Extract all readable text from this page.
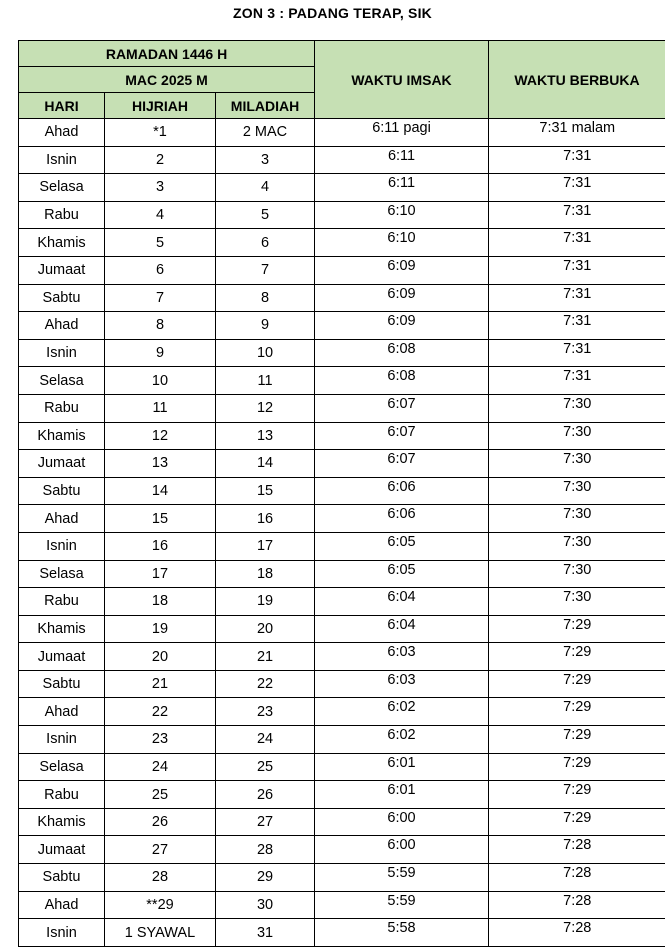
ZON 3 : PADANG TERAP, SIK
RAMADAN 1446 H			WAKTU IMSAK	WAKTU BERBUKA
MAC 2025 M				
HARI	HIJRIAH	MILADIAH		
Ahad	*1	2 MAC	6:11 pagi	7:31 malam
Isnin	2	3	6:11	7:31
Selasa	3	4	6:11	7:31
Rabu	4	5	6:10	7:31
Khamis	5	6	6:10	7:31
Jumaat	6	7	6:09	7:31
Sabtu	7	8	6:09	7:31
Ahad	8	9	6:09	7:31
Isnin	9	10	6:08	7:31
Selasa	10	11	6:08	7:31
Rabu	11	12	6:07	7:30
Khamis	12	13	6:07	7:30
Jumaat	13	14	6:07	7:30
Sabtu	14	15	6:06	7:30
Ahad	15	16	6:06	7:30
Isnin	16	17	6:05	7:30
Selasa	17	18	6:05	7:30
Rabu	18	19	6:04	7:30
Khamis	19	20	6:04	7:29
Jumaat	20	21	6:03	7:29
Sabtu	21	22	6:03	7:29
Ahad	22	23	6:02	7:29
Isnin	23	24	6:02	7:29
Selasa	24	25	6:01	7:29
Rabu	25	26	6:01	7:29
Khamis	26	27	6:00	7:29
Jumaat	27	28	6:00	7:28
Sabtu	28	29	5:59	7:28
Ahad	**29	30	5:59	7:28
Isnin	1 SYAWAL	31	5:58	7:28
